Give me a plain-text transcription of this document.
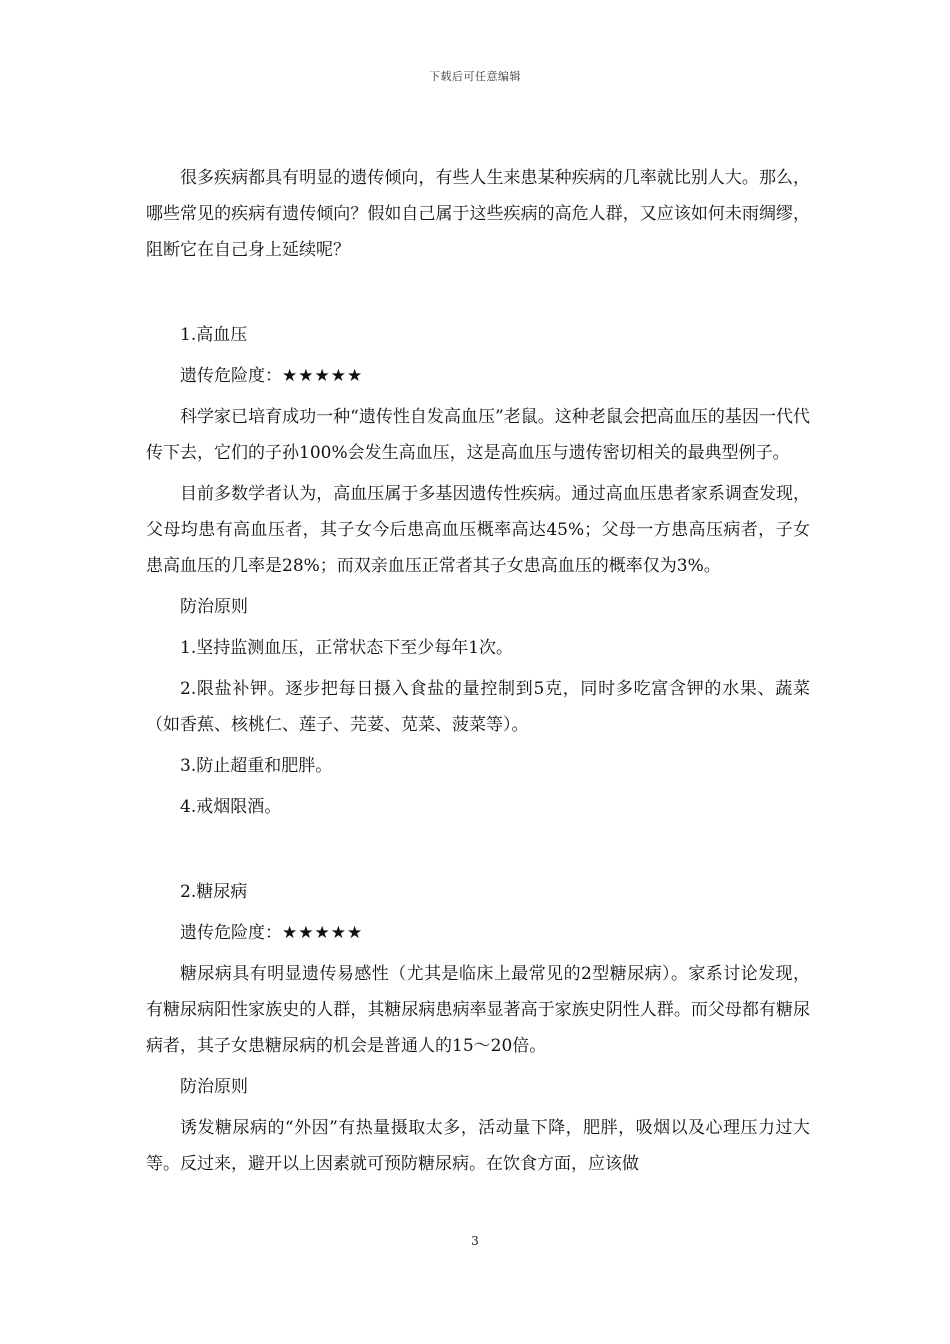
下载后可任意编辑

很多疾病都具有明显的遗传倾向，有些人生来患某种疾病的几率就比别人大。那么，哪些常见的疾病有遗传倾向？假如自己属于这些疾病的高危人群，又应该如何未雨绸缪，阻断它在自己身上延续呢？

1.高血压

遗传危险度：★★★★★

科学家已培育成功一种“遗传性自发高血压”老鼠。这种老鼠会把高血压的基因一代代传下去，它们的子孙100%会发生高血压，这是高血压与遗传密切相关的最典型例子。

目前多数学者认为，高血压属于多基因遗传性疾病。通过高血压患者家系调查发现，父母均患有高血压者，其子女今后患高血压概率高达45%；父母一方患高压病者，子女患高血压的几率是28%；而双亲血压正常者其子女患高血压的概率仅为3%。

防治原则

1.坚持监测血压，正常状态下至少每年1次。

2.限盐补钾。逐步把每日摄入食盐的量控制到5克，同时多吃富含钾的水果、蔬菜（如香蕉、核桃仁、莲子、芫荽、苋菜、菠菜等）。

3.防止超重和肥胖。

4.戒烟限酒。

2.糖尿病

遗传危险度：★★★★★

糖尿病具有明显遗传易感性（尤其是临床上最常见的2型糖尿病）。家系讨论发现，有糖尿病阳性家族史的人群，其糖尿病患病率显著高于家族史阴性人群。而父母都有糖尿病者，其子女患糖尿病的机会是普通人的15～20倍。

防治原则

诱发糖尿病的“外因”有热量摄取太多，活动量下降，肥胖，吸烟以及心理压力过大等。反过来，避开以上因素就可预防糖尿病。在饮食方面，应该做

3
